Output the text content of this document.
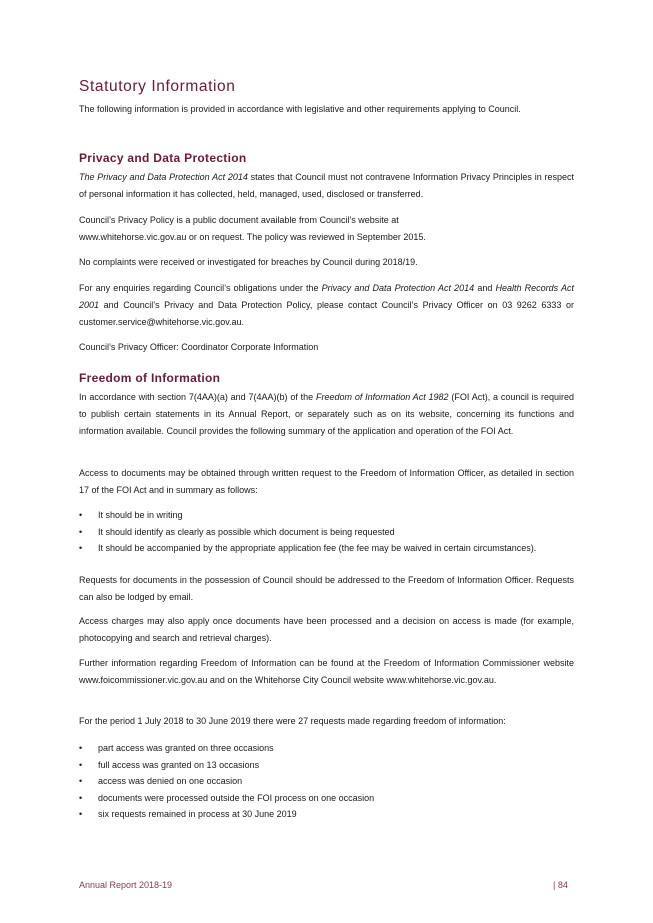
Statutory Information

The following information is provided in accordance with legislative and other requirements applying to Council.

Privacy and Data Protection

The Privacy and Data Protection Act 2014 states that Council must not contravene Information Privacy Principles in respect of personal information it has collected, held, managed, used, disclosed or transferred.

Council’s Privacy Policy is a public document available from Council’s website at
www.whitehorse.vic.gov.au or on request. The policy was reviewed in September 2015.

No complaints were received or investigated for breaches by Council during 2018/19.

For any enquiries regarding Council’s obligations under the Privacy and Data Protection Act 2014 and Health Records Act 2001 and Council’s Privacy and Data Protection Policy, please contact Council’s Privacy Officer on 03 9262 6333 or customer.service@whitehorse.vic.gov.au.

Council’s Privacy Officer: Coordinator Corporate Information

Freedom of Information

In accordance with section 7(4AA)(a) and 7(4AA)(b) of the Freedom of Information Act 1982 (FOI Act), a council is required to publish certain statements in its Annual Report, or separately such as on its website, concerning its functions and information available. Council provides the following summary of the application and operation of the FOI Act.

Access to documents may be obtained through written request to the Freedom of Information Officer, as detailed in section 17 of the FOI Act and in summary as follows:

• It should be in writing
• It should identify as clearly as possible which document is being requested
• It should be accompanied by the appropriate application fee (the fee may be waived in certain circumstances).

Requests for documents in the possession of Council should be addressed to the Freedom of Information Officer. Requests can also be lodged by email.

Access charges may also apply once documents have been processed and a decision on access is made (for example, photocopying and search and retrieval charges).

Further information regarding Freedom of Information can be found at the Freedom of Information Commissioner website www.foicommissioner.vic.gov.au and on the Whitehorse City Council website www.whitehorse.vic.gov.au.

For the period 1 July 2018 to 30 June 2019 there were 27 requests made regarding freedom of information:

• part access was granted on three occasions
• full access was granted on 13 occasions
• access was denied on one occasion
• documents were processed outside the FOI process on one occasion
• six requests remained in process at 30 June 2019
Annual Report 2018-19	| 84
